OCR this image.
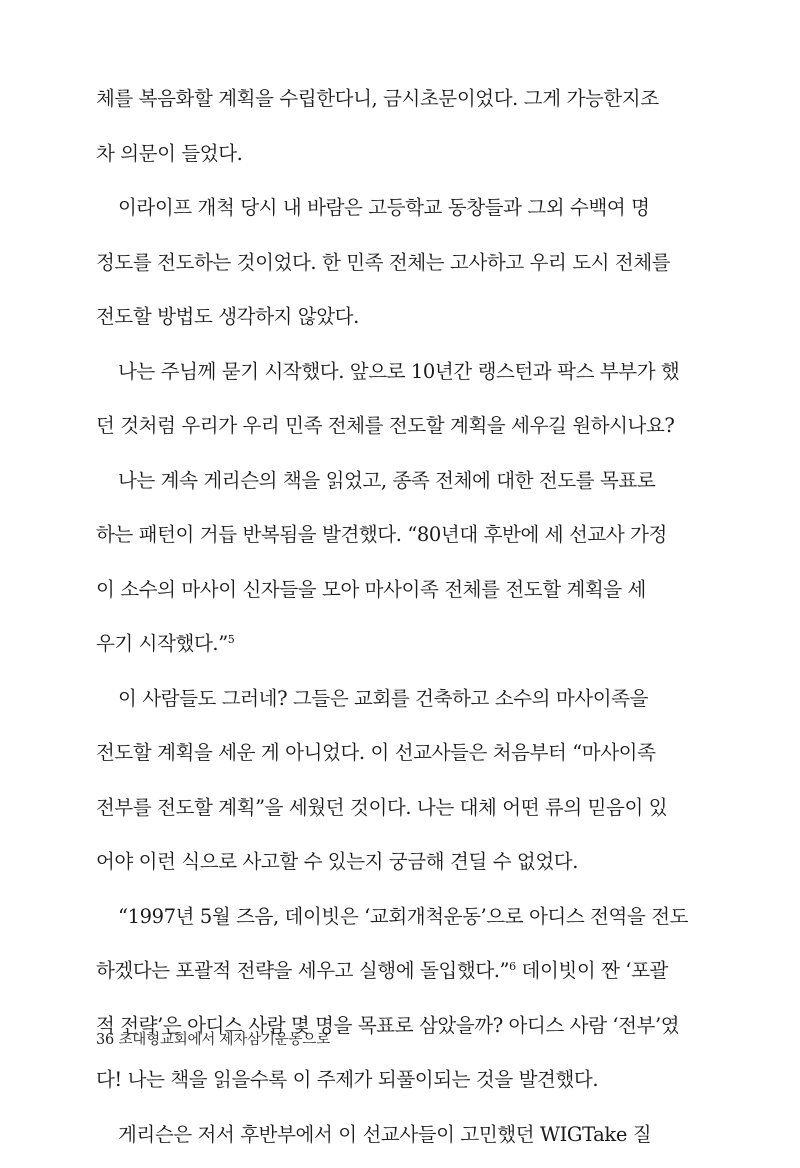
체를 복음화할 계획을 수립한다니, 금시초문이었다. 그게 가능한지조
차 의문이 들었다.
이라이프 개척 당시 내 바람은 고등학교 동창들과 그외 수백여 명
정도를 전도하는 것이었다. 한 민족 전체는 고사하고 우리 도시 전체를
전도할 방법도 생각하지 않았다.
나는 주님께 묻기 시작했다. 앞으로 10년간 랭스턴과 팍스 부부가 했
던 것처럼 우리가 우리 민족 전체를 전도할 계획을 세우길 원하시나요?
나는 계속 게리슨의 책을 읽었고, 종족 전체에 대한 전도를 목표로
하는 패턴이 거듭 반복됨을 발견했다. “80년대 후반에 세 선교사 가정
이 소수의 마사이 신자들을 모아 마사이족 전체를 전도할 계획을 세
우기 시작했다.”$^5$
이 사람들도 그러네? 그들은 교회를 건축하고 소수의 마사이족을
전도할 계획을 세운 게 아니었다. 이 선교사들은 처음부터 “마사이족
전부를 전도할 계획”을 세웠던 것이다. 나는 대체 어떤 류의 믿음이 있
어야 이런 식으로 사고할 수 있는지 궁금해 견딜 수 없었다.
“1997년 5월 즈음, 데이빗은 ‘교회개척운동’으로 아디스 전역을 전도
하겠다는 포괄적 전략을 세우고 실행에 돌입했다.”$^6$ 데이빗이 짠 ‘포괄
적 전략’은 아디스 사람 몇 명을 목표로 삼았을까? 아디스 사람 ‘전부’였
다! 나는 책을 읽을수록 이 주제가 되풀이되는 것을 발견했다.
게리슨은 저서 후반부에서 이 선교사들이 고민했던 WIGTake 질
36 초대형교회에서 제자삼기운동으로
